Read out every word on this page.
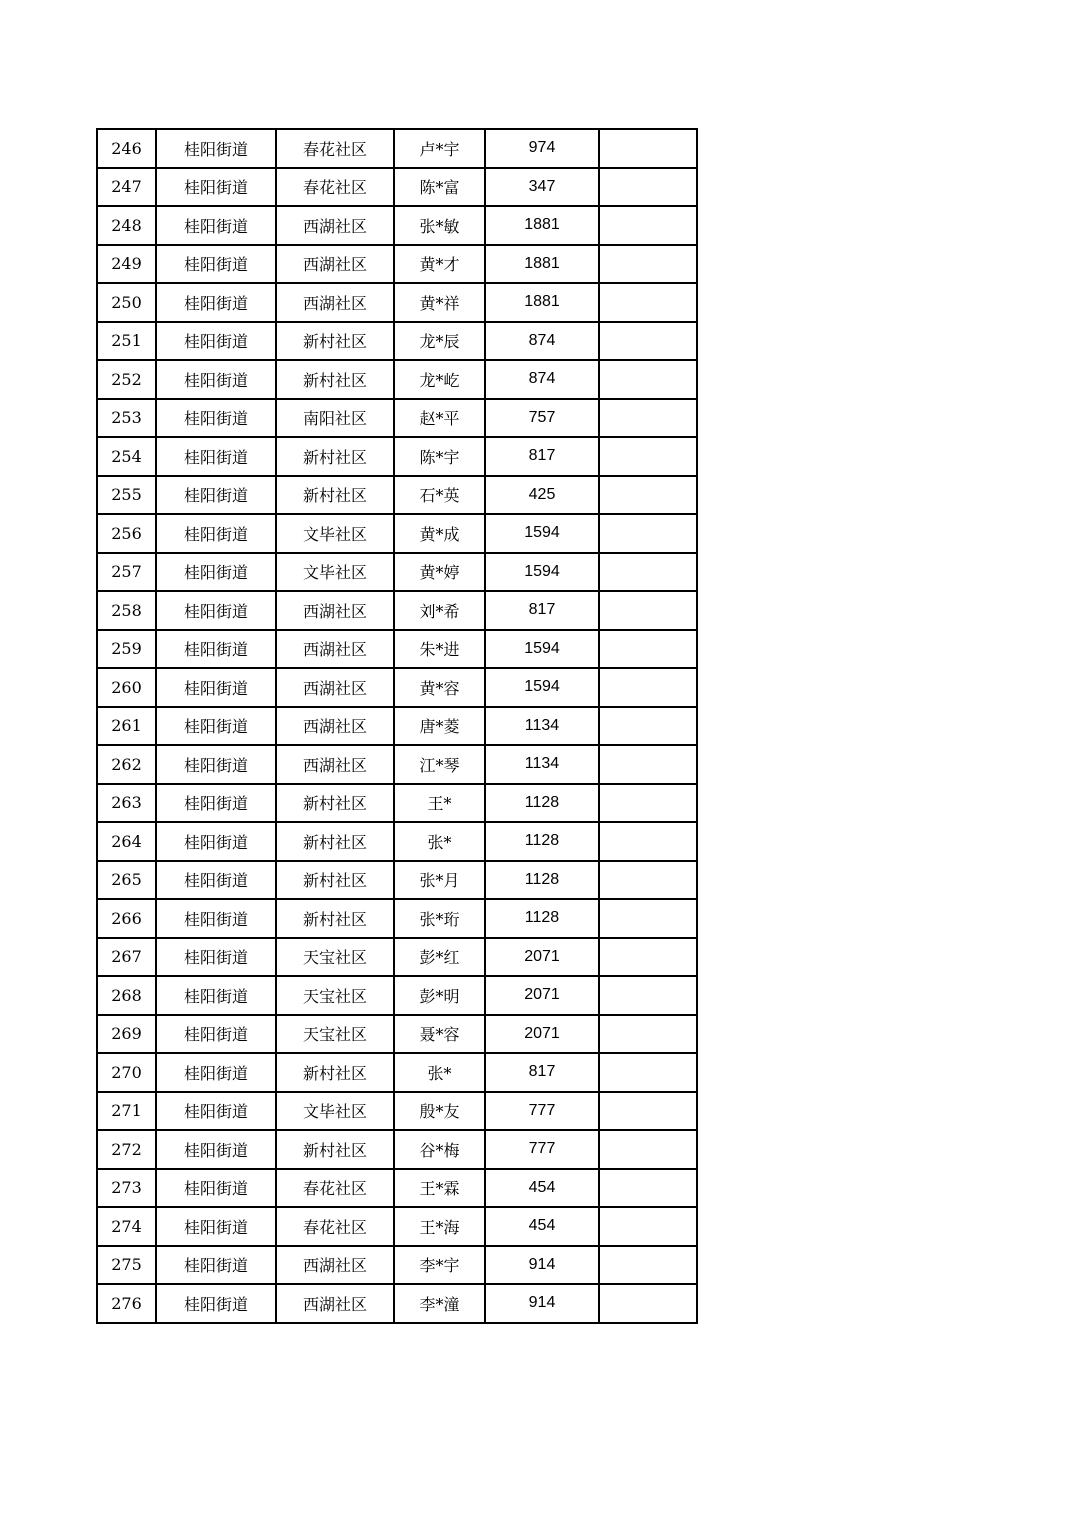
246	桂阳街道	春花社区	卢*宇	974	
247	桂阳街道	春花社区	陈*富	347	
248	桂阳街道	西湖社区	张*敏	1881	
249	桂阳街道	西湖社区	黄*才	1881	
250	桂阳街道	西湖社区	黄*祥	1881	
251	桂阳街道	新村社区	龙*辰	874	
252	桂阳街道	新村社区	龙*屹	874	
253	桂阳街道	南阳社区	赵*平	757	
254	桂阳街道	新村社区	陈*宇	817	
255	桂阳街道	新村社区	石*英	425	
256	桂阳街道	文毕社区	黄*成	1594	
257	桂阳街道	文毕社区	黄*婷	1594	
258	桂阳街道	西湖社区	刘*希	817	
259	桂阳街道	西湖社区	朱*进	1594	
260	桂阳街道	西湖社区	黄*容	1594	
261	桂阳街道	西湖社区	唐*菱	1134	
262	桂阳街道	西湖社区	江*琴	1134	
263	桂阳街道	新村社区	王*	1128	
264	桂阳街道	新村社区	张*	1128	
265	桂阳街道	新村社区	张*月	1128	
266	桂阳街道	新村社区	张*珩	1128	
267	桂阳街道	天宝社区	彭*红	2071	
268	桂阳街道	天宝社区	彭*明	2071	
269	桂阳街道	天宝社区	聂*容	2071	
270	桂阳街道	新村社区	张*	817	
271	桂阳街道	文毕社区	殷*友	777	
272	桂阳街道	新村社区	谷*梅	777	
273	桂阳街道	春花社区	王*霖	454	
274	桂阳街道	春花社区	王*海	454	
275	桂阳街道	西湖社区	李*宇	914	
276	桂阳街道	西湖社区	李*潼	914	
